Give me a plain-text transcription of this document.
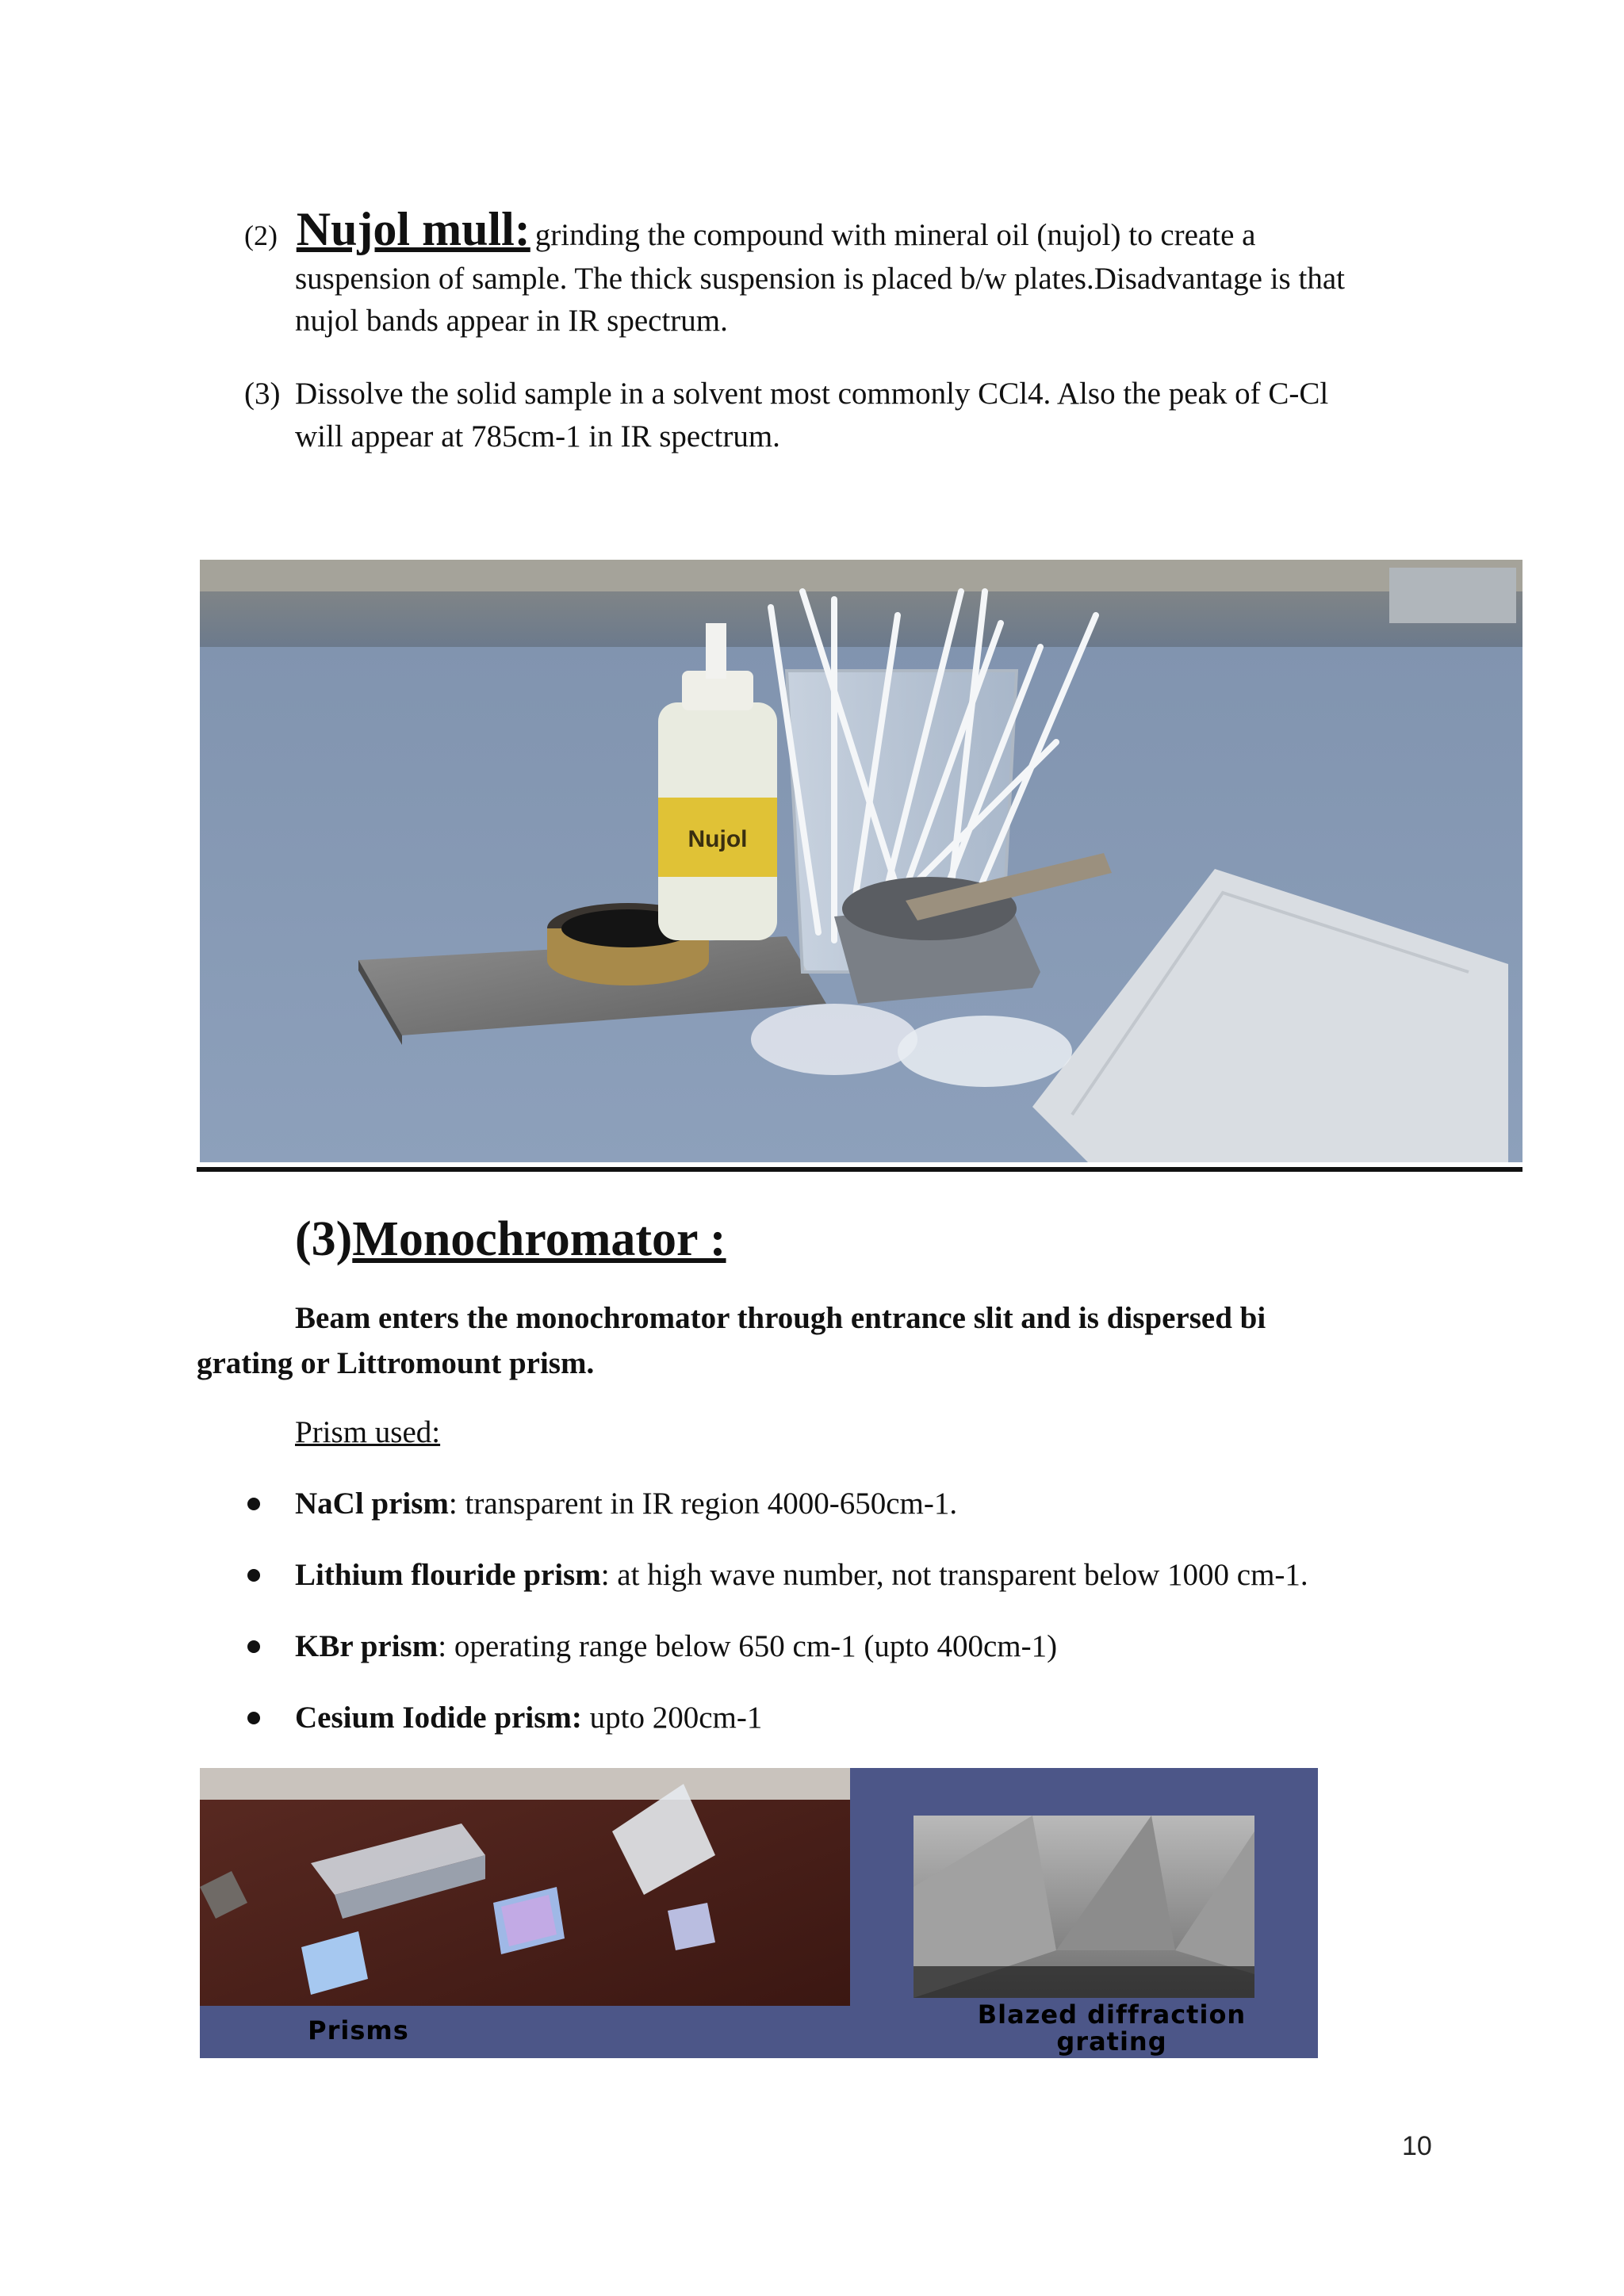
(2) Nujol mull: grinding the compound with mineral oil (nujol) to create a
suspension of sample. The thick suspension is placed b/w plates.Disadvantage is that
nujol bands appear in IR spectrum.
(3) Dissolve the solid sample in a solvent most commonly CCl4. Also the peak of C-Cl
will appear at 785cm-1 in IR spectrum.
Nujol
(3)Monochromator :
Beam enters the monochromator through entrance slit and is dispersed bi
grating or Littromount prism.
Prism used:
NaCl prism: transparent in IR region 4000-650cm-1.
Lithium flouride prism: at high wave number, not transparent below 1000 cm-1.
KBr prism: operating range below 650 cm-1 (upto 400cm-1)
Cesium Iodide prism: upto 200cm-1
Prisms
Blazed diffraction
grating
10
